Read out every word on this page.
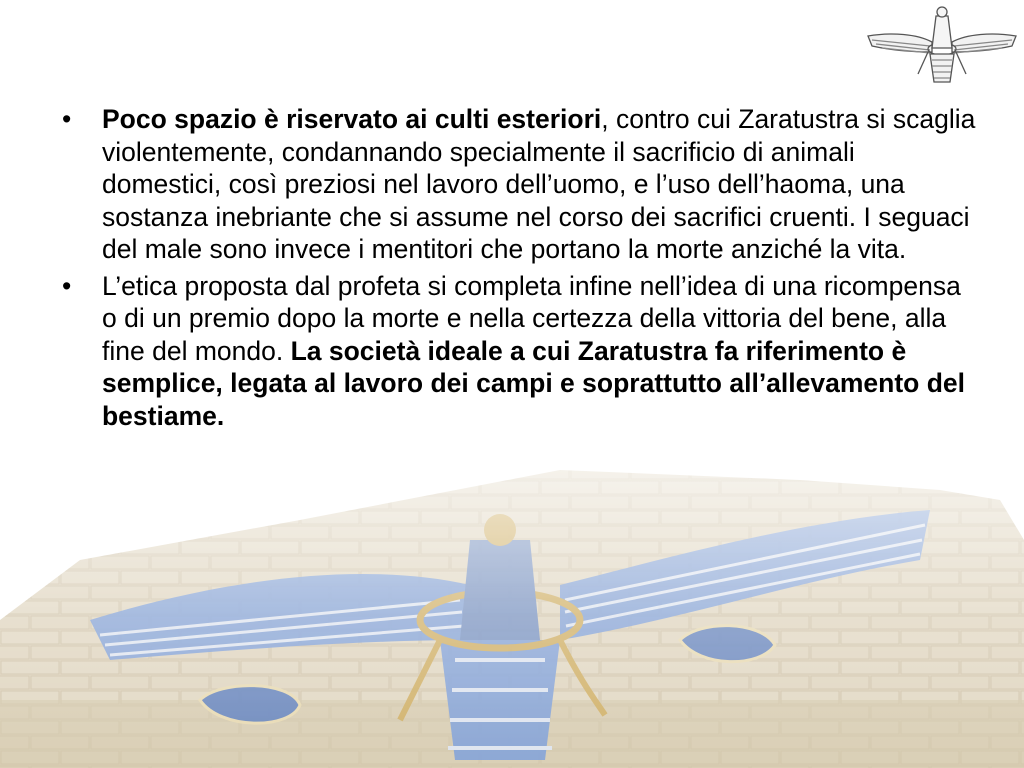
•	Poco spazio è riservato ai culti esteriori, contro cui Zaratustra si scaglia violentemente, condannando specialmente il sacrificio di animali domestici, così preziosi nel lavoro dell’uomo, e l’uso dell’haoma, una sostanza inebriante che si assume nel corso dei sacrifici cruenti. I seguaci del male sono invece i mentitori che portano la morte anziché la vita.
•	L’etica proposta dal profeta si completa infine nell’idea di una ricompensa o di un premio dopo la morte e nella certezza della vittoria del bene, alla fine del mondo. La società ideale a cui Zaratustra fa riferimento è semplice, legata al lavoro dei campi e soprattutto all’allevamento del bestiame.
